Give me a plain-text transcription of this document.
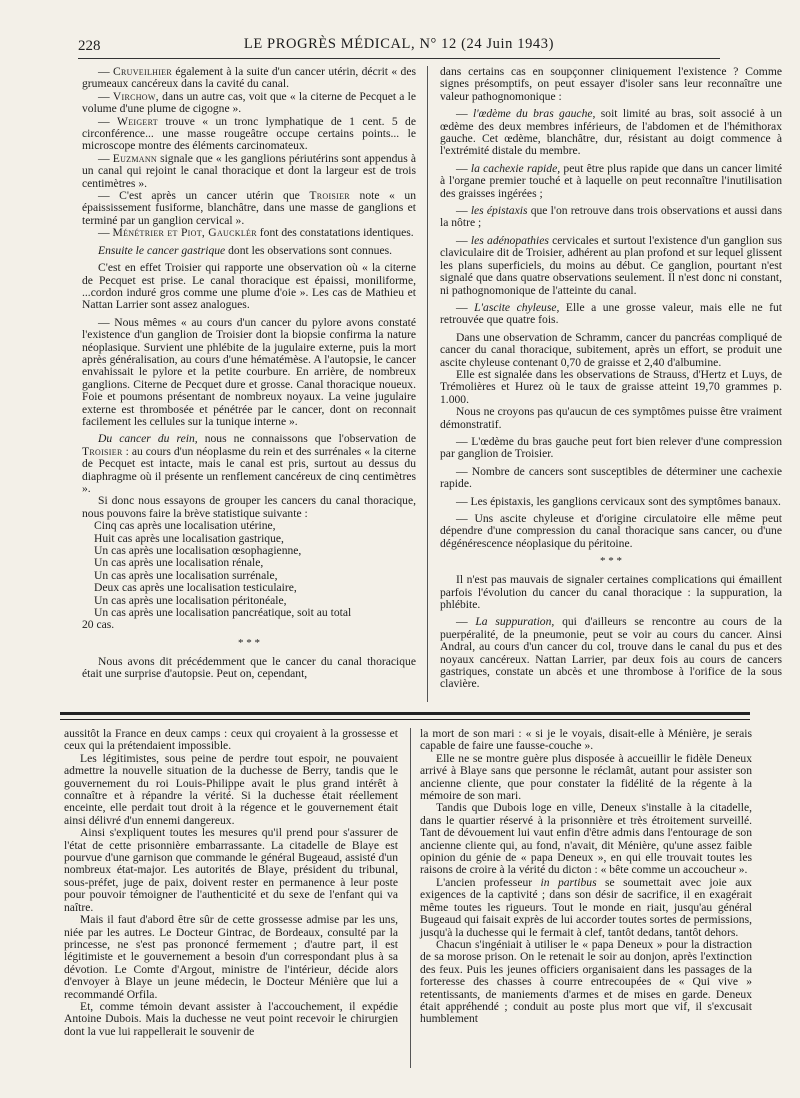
228	LE PROGRÈS MÉDICAL, N° 12 (24 Juin 1943)

— Cruveilhier également à la suite d'un cancer utérin, décrit « des grumeaux cancéreux dans la cavité du canal.

— Virchow, dans un autre cas, voit que « la citerne de Pecquet a le volume d'une plume de cigogne ».

— Weigert trouve « un tronc lymphatique de 1 cent. 5 de circonférence... une masse rougeâtre occupe certains points... le microscope montre des éléments carcinomateux.

— Euzmann signale que « les ganglions périutérins sont appendus à un canal qui rejoint le canal thoracique et dont la largeur est de trois centimètres ».

— C'est après un cancer utérin que Troisier note « un épaississement fusiforme, blanchâtre, dans une masse de ganglions et terminé par un ganglion cervical ».

— Ménétrier et Piot, Gaucklér font des constatations identiques.

Ensuite le cancer gastrique dont les observations sont connues.

C'est en effet Troisier qui rapporte une observation où « la citerne de Pecquet est prise. Le canal thoracique est épaissi, moniliforme, ...cordon induré gros comme une plume d'oie ». Les cas de Mathieu et Nattan Larrier sont assez analogues.

— Nous mêmes « au cours d'un cancer du pylore avons constaté l'existence d'un ganglion de Troisier dont la biopsie confirma la nature néoplasique. Survient une phlébite de la jugulaire externe, puis la mort après généralisation, au cours d'une hématémèse. A l'autopsie, le cancer envahissait le pylore et la petite courbure. En arrière, de nombreux ganglions. Citerne de Pecquet dure et grosse. Canal thoracique noueux. Foie et poumons présentant de nombreux noyaux. La veine jugulaire externe est thrombosée et pénétrée par le cancer, dont on reconnait facilement les cellules sur la tunique interne ».

Du cancer du rein, nous ne connaissons que l'observation de Troisier : au cours d'un néoplasme du rein et des surrénales « la citerne de Pecquet est intacte, mais le canal est pris, surtout au dessus du diaphragme où il présente un renflement cancéreux de cinq centimètres ».

Si donc nous essayons de grouper les cancers du canal thoracique, nous pouvons faire la brève statistique suivante :

Cinq cas après une localisation utérine,

Huit cas après une localisation gastrique,

Un cas après une localisation œsophagienne,

Un cas après une localisation rénale,

Un cas après une localisation surrénale,

Deux cas après une localisation testiculaire,

Un cas après une localisation péritonéale,

Un cas après une localisation pancréatique, soit au total

20 cas.

* * *

Nous avons dit précédemment que le cancer du canal thoracique était une surprise d'autopsie. Peut on, cependant,

dans certains cas en soupçonner cliniquement l'existence ? Comme signes présomptifs, on peut essayer d'isoler sans leur reconnaître une valeur pathognomonique :

— l'œdème du bras gauche, soit limité au bras, soit associé à un œdème des deux membres inférieurs, de l'abdomen et de l'hémithorax gauche. Cet œdème, blanchâtre, dur, résistant au doigt commence à l'extrémité distale du membre.

— la cachexie rapide, peut être plus rapide que dans un cancer limité à l'organe premier touché et à laquelle on peut reconnaître l'inutilisation des graisses ingérées ;

— les épistaxis que l'on retrouve dans trois observations et aussi dans la nôtre ;

— les adénopathies cervicales et surtout l'existence d'un ganglion sus claviculaire dit de Troisier, adhérent au plan profond et sur lequel glissent les plans superficiels, du moins au début. Ce ganglion, pourtant n'est signalé que dans quatre observations seulement. Il n'est donc ni constant, ni pathognomonique de l'atteinte du canal.

— L'ascite chyleuse, Elle a une grosse valeur, mais elle ne fut retrouvée que quatre fois.

Dans une observation de Schramm, cancer du pancréas compliqué de cancer du canal thoracique, subitement, après un effort, se produit une ascite chyleuse contenant 0,70 de graisse et 2,40 d'albumine.

Elle est signalée dans les observations de Strauss, d'Hertz et Luys, de Trémolières et Hurez où le taux de graisse atteint 19,70 grammes p. 1.000.

Nous ne croyons pas qu'aucun de ces symptômes puisse être vraiment démonstratif.

— L'œdème du bras gauche peut fort bien relever d'une compression par ganglion de Troisier.

— Nombre de cancers sont susceptibles de déterminer une cachexie rapide.

— Les épistaxis, les ganglions cervicaux sont des symptômes banaux.

— Uns ascite chyleuse et d'origine circulatoire elle même peut dépendre d'une compression du canal thoracique sans cancer, ou d'une dégénérescence néoplasique du péritoine.

* * *

Il n'est pas mauvais de signaler certaines complications qui émaillent parfois l'évolution du cancer du canal thoracique : la suppuration, la phlébite.

— La suppuration, qui d'ailleurs se rencontre au cours de la puerpéralité, de la pneumonie, peut se voir au cours du cancer. Ainsi Andral, au cours d'un cancer du col, trouve dans le canal du pus et des noyaux cancéreux. Nattan Larrier, par deux fois au cours de cancers gastriques, constate un abcès et une thrombose à l'orifice de la sous clavière.

aussitôt la France en deux camps : ceux qui croyaient à la grossesse et ceux qui la prétendaient impossible.

Les légitimistes, sous peine de perdre tout espoir, ne pouvaient admettre la nouvelle situation de la duchesse de Berry, tandis que le gouvernement du roi Louis-Philippe avait le plus grand intérêt à connaître et à répandre la vérité. Si la duchesse était réellement enceinte, elle perdait tout droit à la régence et le gouvernement était ainsi délivré d'un ennemi dangereux.

Ainsi s'expliquent toutes les mesures qu'il prend pour s'assurer de l'état de cette prisonnière embarrassante. La citadelle de Blaye est pourvue d'une garnison que commande le général Bugeaud, assisté d'un nombreux état-major. Les autorités de Blaye, président du tribunal, sous-préfet, juge de paix, doivent rester en permanence à leur poste pour pouvoir témoigner de l'authenticité et du sexe de l'enfant qui va naître.

Mais il faut d'abord être sûr de cette grossesse admise par les uns, niée par les autres. Le Docteur Gintrac, de Bordeaux, consulté par la princesse, ne s'est pas prononcé fermement ; d'autre part, il est légitimiste et le gouvernement a besoin d'un correspondant plus à sa dévotion. Le Comte d'Argout, ministre de l'intérieur, décide alors d'envoyer à Blaye un jeune médecin, le Docteur Ménière que lui a recommandé Orfila.

Et, comme témoin devant assister à l'accouchement, il expédie Antoine Dubois. Mais la duchesse ne veut point recevoir le chirurgien dont la vue lui rappellerait le souvenir de

la mort de son mari : « si je le voyais, disait-elle à Ménière, je serais capable de faire une fausse-couche ».

Elle ne se montre guère plus disposée à accueillir le fidèle Deneux arrivé à Blaye sans que personne le réclamât, autant pour assister son ancienne cliente, que pour constater la fidélité de la régente à la mémoire de son mari.

Tandis que Dubois loge en ville, Deneux s'installe à la citadelle, dans le quartier réservé à la prisonnière et très étroitement surveillé. Tant de dévouement lui vaut enfin d'être admis dans l'entourage de son ancienne cliente qui, au fond, n'avait, dit Ménière, qu'une assez faible opinion du génie de « papa Deneux », en qui elle trouvait toutes les raisons de croire à la vérité du dicton : « bête comme un accoucheur ».

L'ancien professeur in partibus se soumettait avec joie aux exigences de la captivité ; dans son désir de sacrifice, il en exagérait même toutes les rigueurs. Tout le monde en riait, jusqu'au général Bugeaud qui faisait exprès de lui accorder toutes sortes de permissions, jusqu'à la duchesse qui le fermait à clef, tantôt dedans, tantôt dehors.

Chacun s'ingéniait à utiliser le « papa Deneux » pour la distraction de sa morose prison. On le retenait le soir au donjon, après l'extinction des feux. Puis les jeunes officiers organisaient dans les passages de la forteresse des chasses à courre entrecoupées de « Qui vive » retentissants, de maniements d'armes et de mises en garde. Deneux était appréhendé ; conduit au poste plus mort que vif, il s'excusait humblement
